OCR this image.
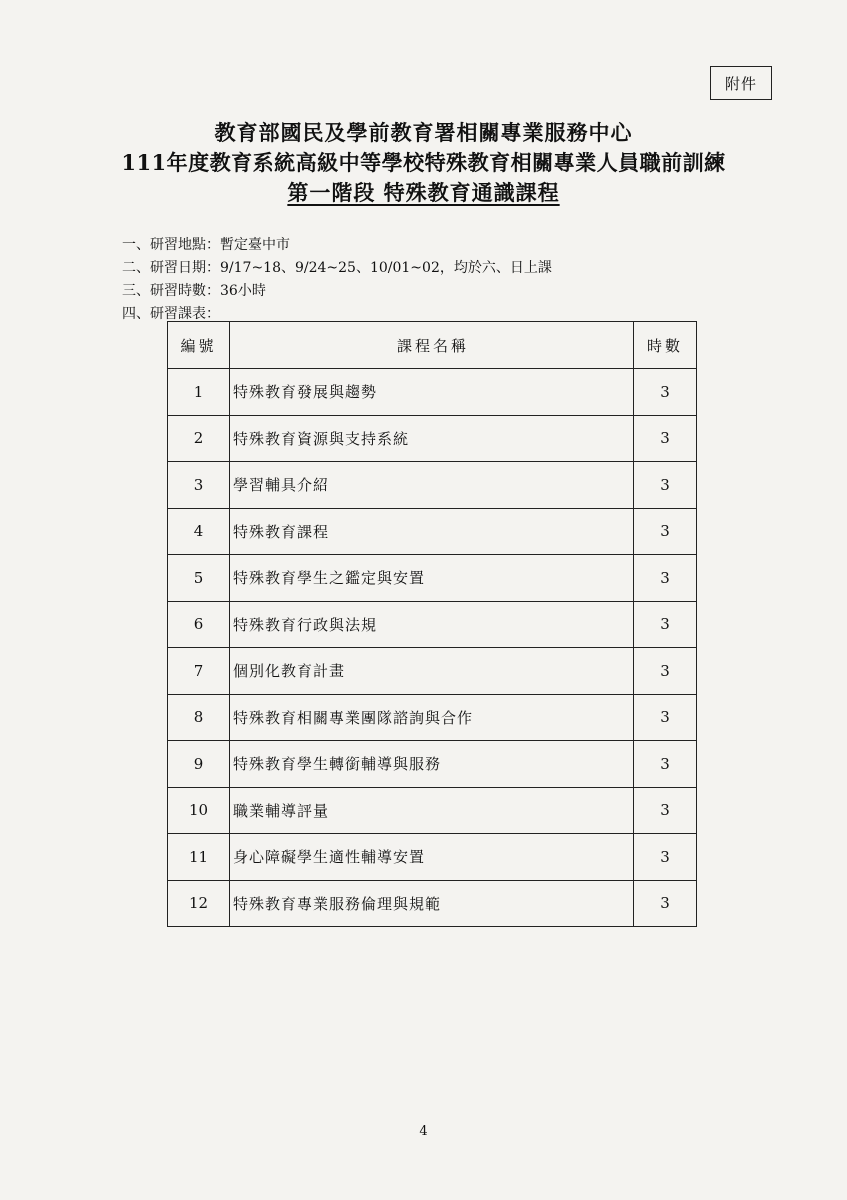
附件
教育部國民及學前教育署相關專業服務中心
111年度教育系統高級中等學校特殊教育相關專業人員職前訓練
第一階段 特殊教育通識課程
一、研習地點：暫定臺中市
二、研習日期：9/17~18、9/24~25、10/01~02，均於六、日上課
三、研習時數：36小時
四、研習課表：
編號	課程名稱	時數
1	特殊教育發展與趨勢	3
2	特殊教育資源與支持系統	3
3	學習輔具介紹	3
4	特殊教育課程	3
5	特殊教育學生之鑑定與安置	3
6	特殊教育行政與法規	3
7	個別化教育計畫	3
8	特殊教育相關專業團隊諮詢與合作	3
9	特殊教育學生轉銜輔導與服務	3
10	職業輔導評量	3
11	身心障礙學生適性輔導安置	3
12	特殊教育專業服務倫理與規範	3
4
